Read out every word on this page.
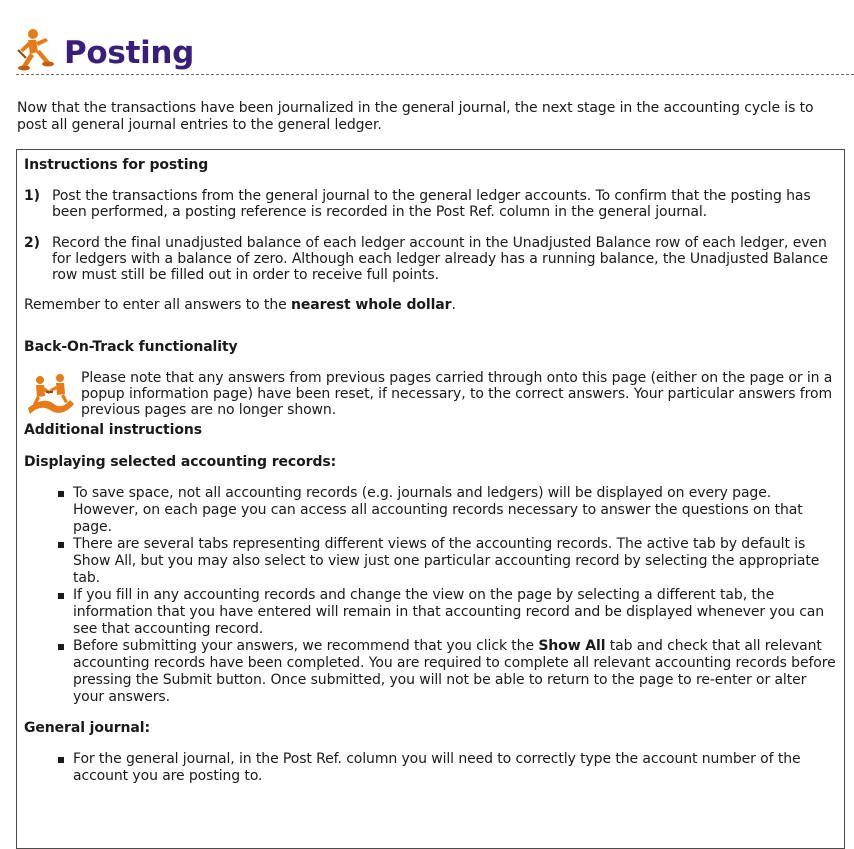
Posting

Now that the transactions have been journalized in the general journal, the next stage in the accounting cycle is to post all general journal entries to the general ledger.

Instructions for posting

1) Post the transactions from the general journal to the general ledger accounts. To confirm that the posting has been performed, a posting reference is recorded in the Post Ref. column in the general journal.
2) Record the final unadjusted balance of each ledger account in the Unadjusted Balance row of each ledger, even for ledgers with a balance of zero. Although each ledger already has a running balance, the Unadjusted Balance row must still be filled out in order to receive full points.

Remember to enter all answers to the nearest whole dollar.

Back-On-Track functionality

Please note that any answers from previous pages carried through onto this page (either on the page or in a popup information page) have been reset, if necessary, to the correct answers. Your particular answers from previous pages are no longer shown.

Additional instructions

Displaying selected accounting records:

To save space, not all accounting records (e.g. journals and ledgers) will be displayed on every page. However, on each page you can access all accounting records necessary to answer the questions on that page.
There are several tabs representing different views of the accounting records. The active tab by default is Show All, but you may also select to view just one particular accounting record by selecting the appropriate tab.
If you fill in any accounting records and change the view on the page by selecting a different tab, the information that you have entered will remain in that accounting record and be displayed whenever you can see that accounting record.
Before submitting your answers, we recommend that you click the Show All tab and check that all relevant accounting records have been completed. You are required to complete all relevant accounting records before pressing the Submit button. Once submitted, you will not be able to return to the page to re-enter or alter your answers.

General journal:

For the general journal, in the Post Ref. column you will need to correctly type the account number of the account you are posting to.
